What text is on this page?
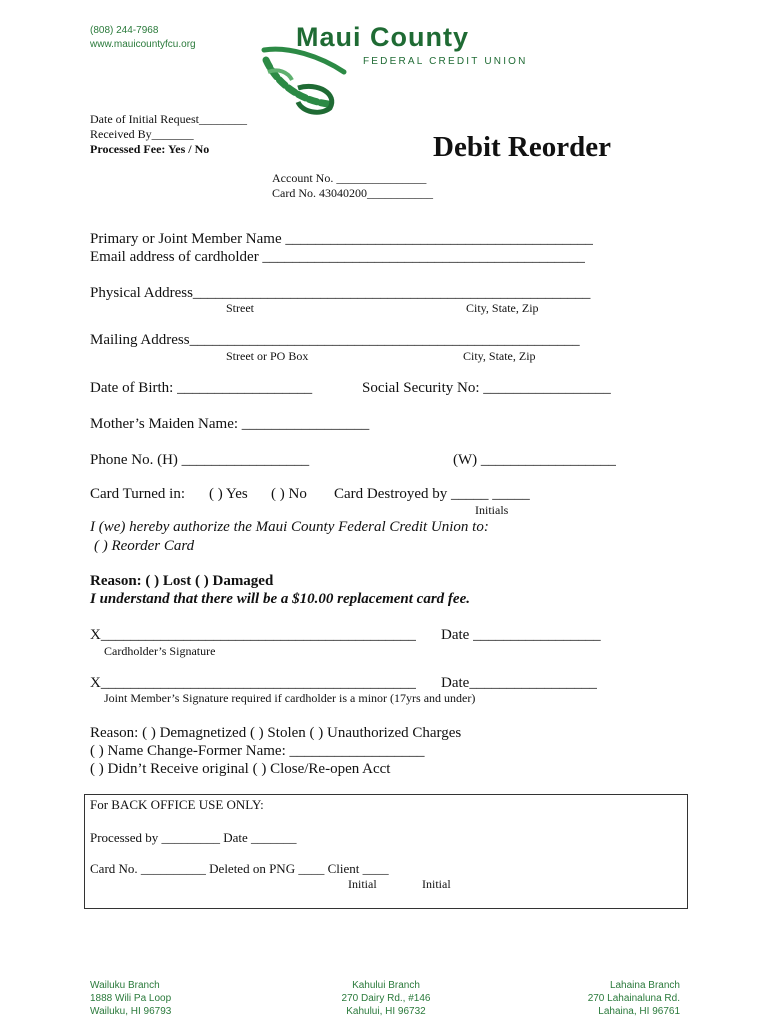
(808) 244-7968
www.mauicountyfcu.org	Maui County
FEDERAL CREDIT UNION
Date of Initial Request________
Received By_______
Processed Fee: Yes / No	Debit Reorder
Account No. _______________
Card No. 43040200___________
Primary or Joint Member Name _________________________________________
Email address of cardholder ___________________________________________
Physical Address_____________________________________________________
Street	City, State, Zip
Mailing Address____________________________________________________
Street or PO Box	City, State, Zip
Date of Birth: __________________	Social Security No: _________________
Mother’s Maiden Name: _________________
Phone No. (H) _________________	(W) __________________
Card Turned in: ( ) Yes ( ) No Card Destroyed by _____ _____
Initials
I (we) hereby authorize the Maui County Federal Credit Union to:
( ) Reorder Card
Reason: ( ) Lost ( ) Damaged
I understand that there will be a $10.00 replacement card fee.
X__________________________________________ Date _________________
Cardholder’s Signature
X__________________________________________ Date_________________
Joint Member’s Signature required if cardholder is a minor (17yrs and under)
Reason: ( ) Demagnetized ( ) Stolen ( ) Unauthorized Charges
( ) Name Change-Former Name: __________________
( ) Didn’t Receive original ( ) Close/Re-open Acct
For BACK OFFICE USE ONLY:
Processed by _________ Date _______
Card No. __________ Deleted on PNG ____ Client ____
Initial	Initial
Wailuku Branch
1888 Wili Pa Loop
Wailuku, HI 96793
Kahului Branch
270 Dairy Rd., #146
Kahului, HI 96732
Lahaina Branch
270 Lahainaluna Rd.
Lahaina, HI 96761
